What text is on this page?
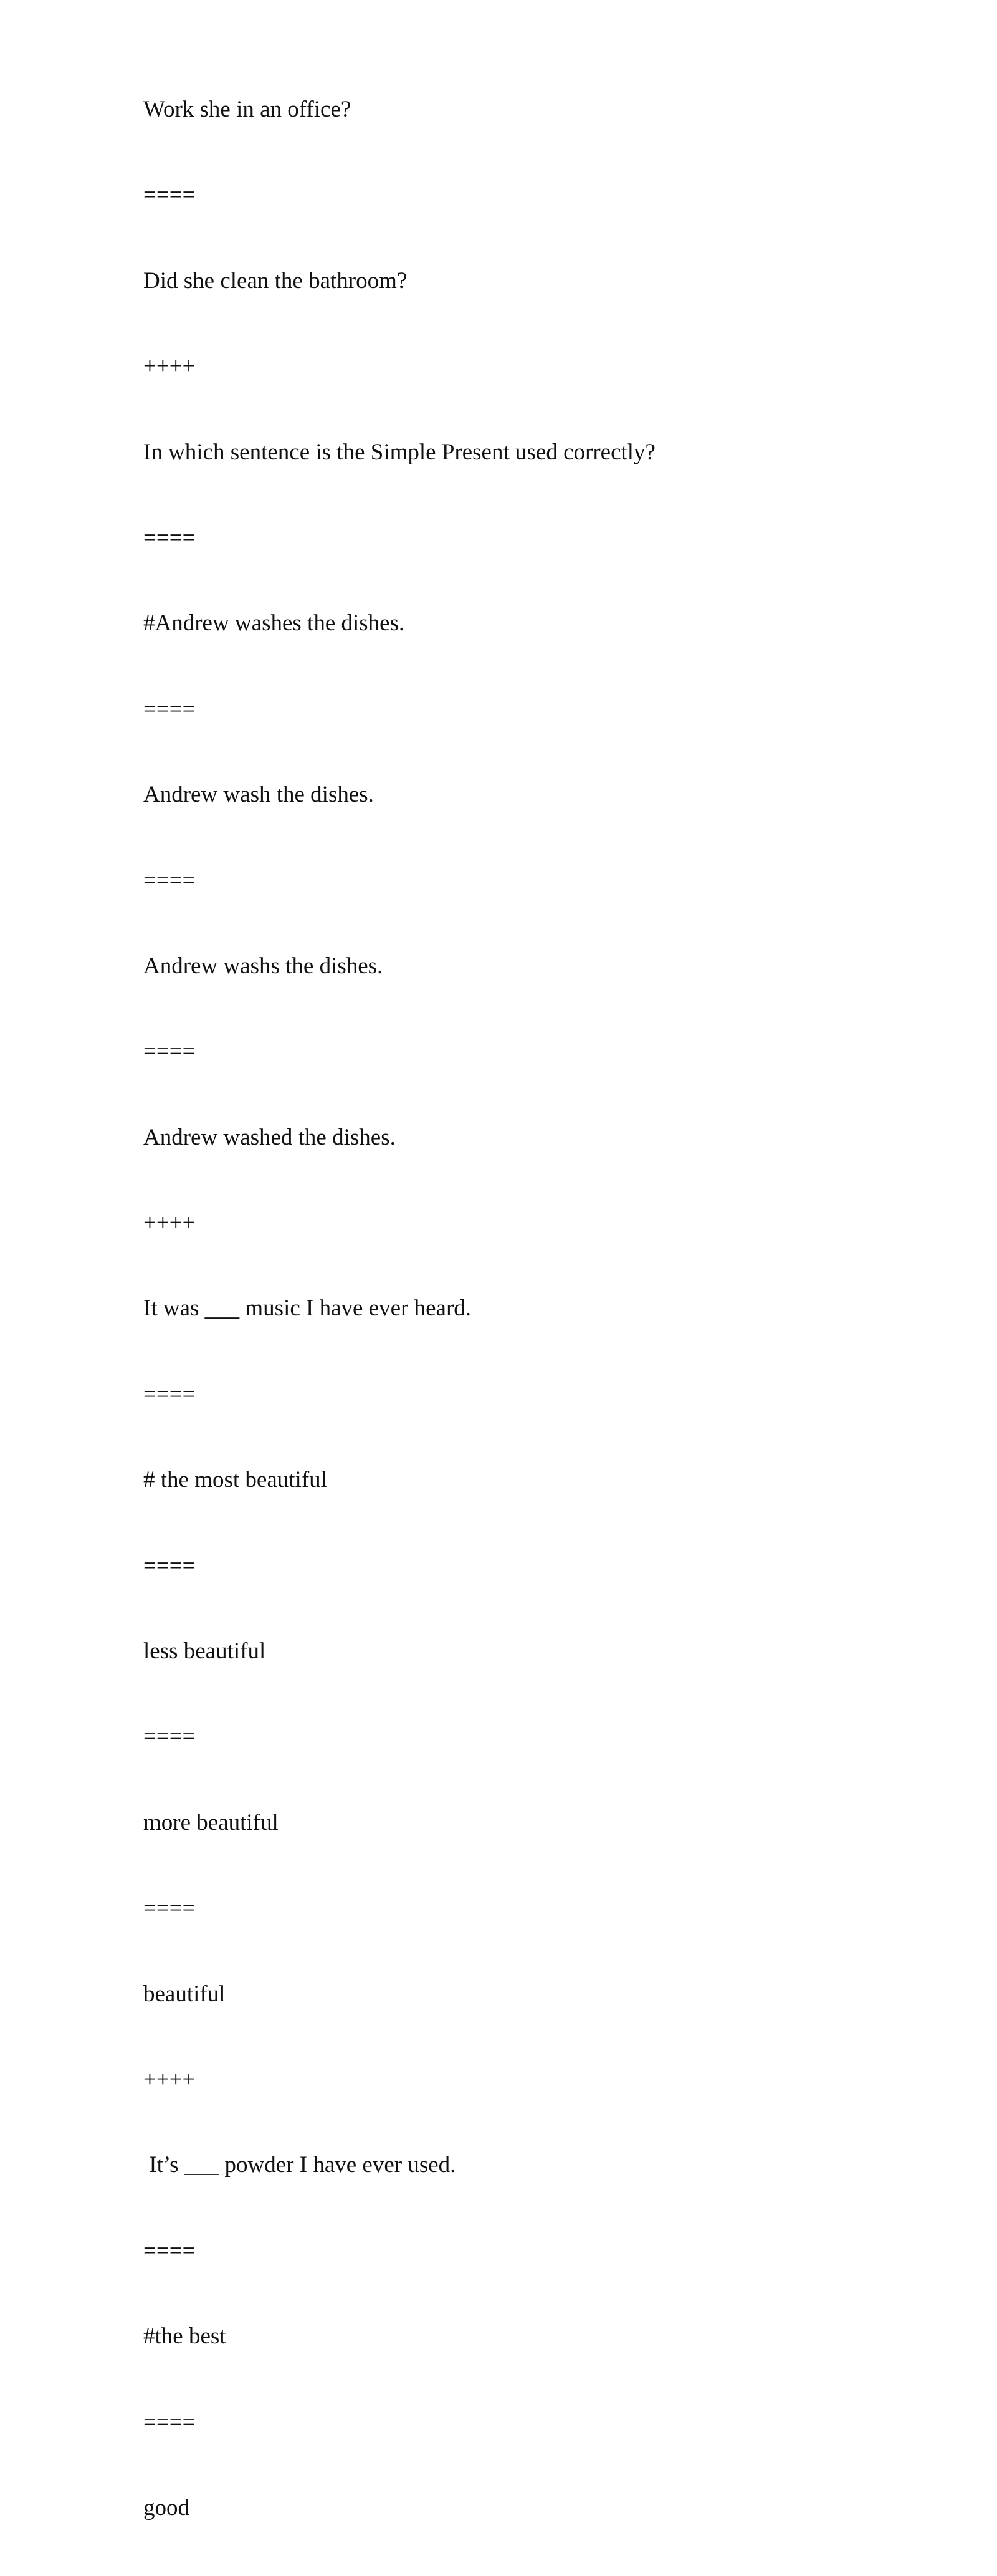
Work she in an office?
====
Did she clean the bathroom?
++++
In which sentence is the Simple Present used correctly?
====
#Andrew washes the dishes.
====
Andrew wash the dishes.
====
Andrew washs the dishes.
====
Andrew washed the dishes.
++++
It was ___ music I have ever heard.
====
# the most beautiful
====
less beautiful
====
more beautiful
====
beautiful
++++
It’s ___ powder I have ever used.
====
#the best
====
good
